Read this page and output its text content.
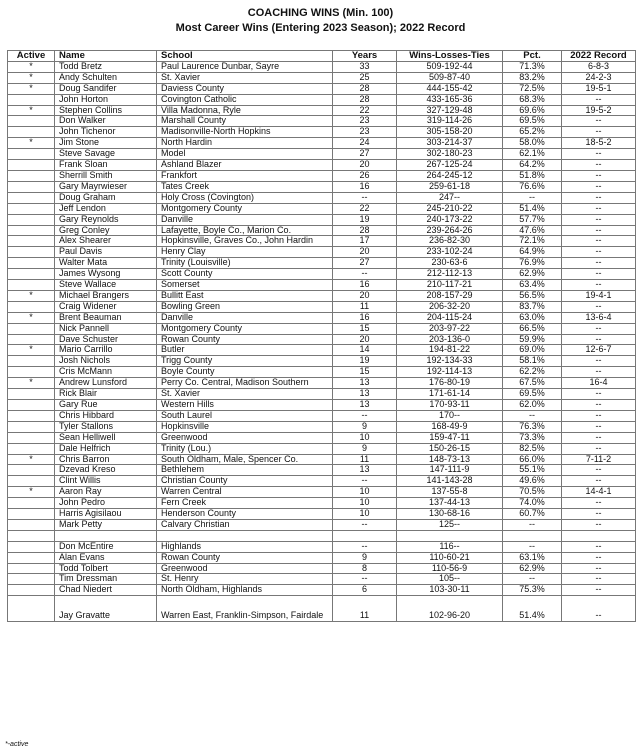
COACHING WINS (Min. 100)
Most Career Wins (Entering 2023 Season); 2022 Record
Active	Name	School	Years	Wins-Losses-Ties	Pct.	2022 Record
*	Todd Bretz	Paul Laurence Dunbar, Sayre	33	509-192-44	71.3%	6-8-3
*	Andy Schulten	St. Xavier	25	509-87-40	83.2%	24-2-3
*	Doug Sandifer	Daviess County	28	444-155-42	72.5%	19-5-1
	John Horton	Covington Catholic	28	433-165-36	68.3%	--
*	Stephen Collins	Villa Madonna, Ryle	22	327-129-48	69.6%	19-5-2
	Don Walker	Marshall County	23	319-114-26	69.5%	--
	John Tichenor	Madisonville-North Hopkins	23	305-158-20	65.2%	--
*	Jim Stone	North Hardin	24	303-214-37	58.0%	18-5-2
	Steve Savage	Model	27	302-180-23	62.1%	--
	Frank Sloan	Ashland Blazer	20	267-125-24	64.2%	--
	Sherrill Smith	Frankfort	26	264-245-12	51.8%	--
	Gary Mayrwieser	Tates Creek	16	259-61-18	76.6%	--
	Doug Graham	Holy Cross (Covington)	--	247--	--	--
	Jeff Lendon	Montgomery County	22	245-210-22	51.4%	--
	Gary Reynolds	Danville	19	240-173-22	57.7%	--
	Greg Conley	Lafayette, Boyle Co., Marion Co.	28	239-264-26	47.6%	--
	Alex Shearer	Hopkinsville, Graves Co., John Hardin	17	236-82-30	72.1%	--
	Paul Davis	Henry Clay	20	233-102-24	64.9%	--
	Walter Mata	Trinity (Louisville)	27	230-63-6	76.9%	--
	James Wysong	Scott County	--	212-112-13	62.9%	--
	Steve Wallace	Somerset	16	210-117-21	63.4%	--
*	Michael Brangers	Bullitt East	20	208-157-29	56.5%	19-4-1
	Craig Widener	Bowling Green	11	206-32-20	83.7%	--
*	Brent Beauman	Danville	16	204-115-24	63.0%	13-6-4
	Nick Pannell	Montgomery County	15	203-97-22	66.5%	--
	Dave Schuster	Rowan County	20	203-136-0	59.9%	--
*	Mario Carrillo	Butler	14	194-81-22	69.0%	12-6-7
	Josh Nichols	Trigg County	19	192-134-33	58.1%	--
	Cris McMann	Boyle County	15	192-114-13	62.2%	--
*	Andrew Lunsford	Perry Co. Central, Madison Southern	13	176-80-19	67.5%	16-4
	Rick Blair	St. Xavier	13	171-61-14	69.5%	--
	Gary Rue	Western Hills	13	170-93-11	62.0%	--
	Chris Hibbard	South Laurel	--	170--	--	--
	Tyler Stallons	Hopkinsville	9	168-49-9	76.3%	--
	Sean Helliwell	Greenwood	10	159-47-11	73.3%	--
	Dale Helfrich	Trinity (Lou.)	9	150-26-15	82.5%	--
*	Chris Barron	South Oldham, Male, Spencer Co.	11	148-73-13	66.0%	7-11-2
	Dzevad Kreso	Bethlehem	13	147-111-9	55.1%	--
	Clint Willis	Christian County	--	141-143-28	49.6%	--
*	Aaron Ray	Warren Central	10	137-55-8	70.5%	14-4-1
	John Pedro	Fern Creek	10	137-44-13	74.0%	--
	Harris Agisilaou	Henderson County	10	130-68-16	60.7%	--
	Mark Petty	Calvary Christian	--	125--	--	--

	Don McEntire	Highlands	--	116--	--	--
	Alan Evans	Rowan County	9	110-60-21	63.1%	--
	Todd Tolbert	Greenwood	8	110-56-9	62.9%	--
	Tim Dressman	St. Henry	--	105--	--	--
	Chad Niedert	North Oldham, Highlands	6	103-30-11	75.3%	--
	Jay Gravatte	Warren East, Franklin-Simpson, Fairdale	11	102-96-20	51.4%	--
*-active
